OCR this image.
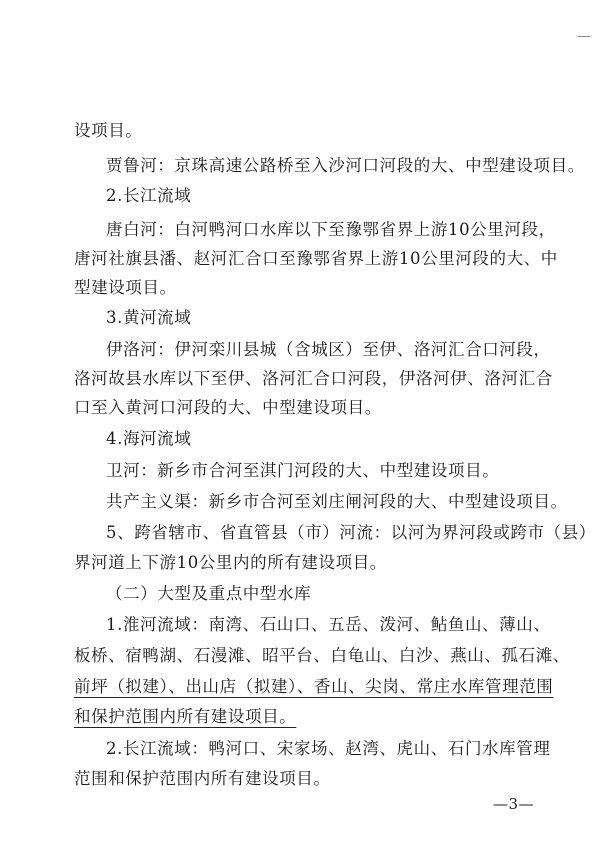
设项目。
贾鲁河：京珠高速公路桥至入沙河口河段的大、中型建设项目。
2.长江流域
唐白河：白河鸭河口水库以下至豫鄂省界上游10公里河段，
唐河社旗县潘、赵河汇合口至豫鄂省界上游10公里河段的大、中
型建设项目。
3.黄河流域
伊洛河：伊河栾川县城（含城区）至伊、洛河汇合口河段，
洛河故县水库以下至伊、洛河汇合口河段，伊洛河伊、洛河汇合
口至入黄河口河段的大、中型建设项目。
4.海河流域
卫河：新乡市合河至淇门河段的大、中型建设项目。
共产主义渠：新乡市合河至刘庄闸河段的大、中型建设项目。
5、跨省辖市、省直管县（市）河流：以河为界河段或跨市（县）
界河道上下游10公里内的所有建设项目。
（二）大型及重点中型水库
1.淮河流域：南湾、石山口、五岳、泼河、鲇鱼山、薄山、
板桥、宿鸭湖、石漫滩、昭平台、白龟山、白沙、燕山、孤石滩、
前坪（拟建）、出山店（拟建）、香山、尖岗、常庄水库管理范围
和保护范围内所有建设项目。
2.长江流域：鸭河口、宋家场、赵湾、虎山、石门水库管理
范围和保护范围内所有建设项目。
—3—
